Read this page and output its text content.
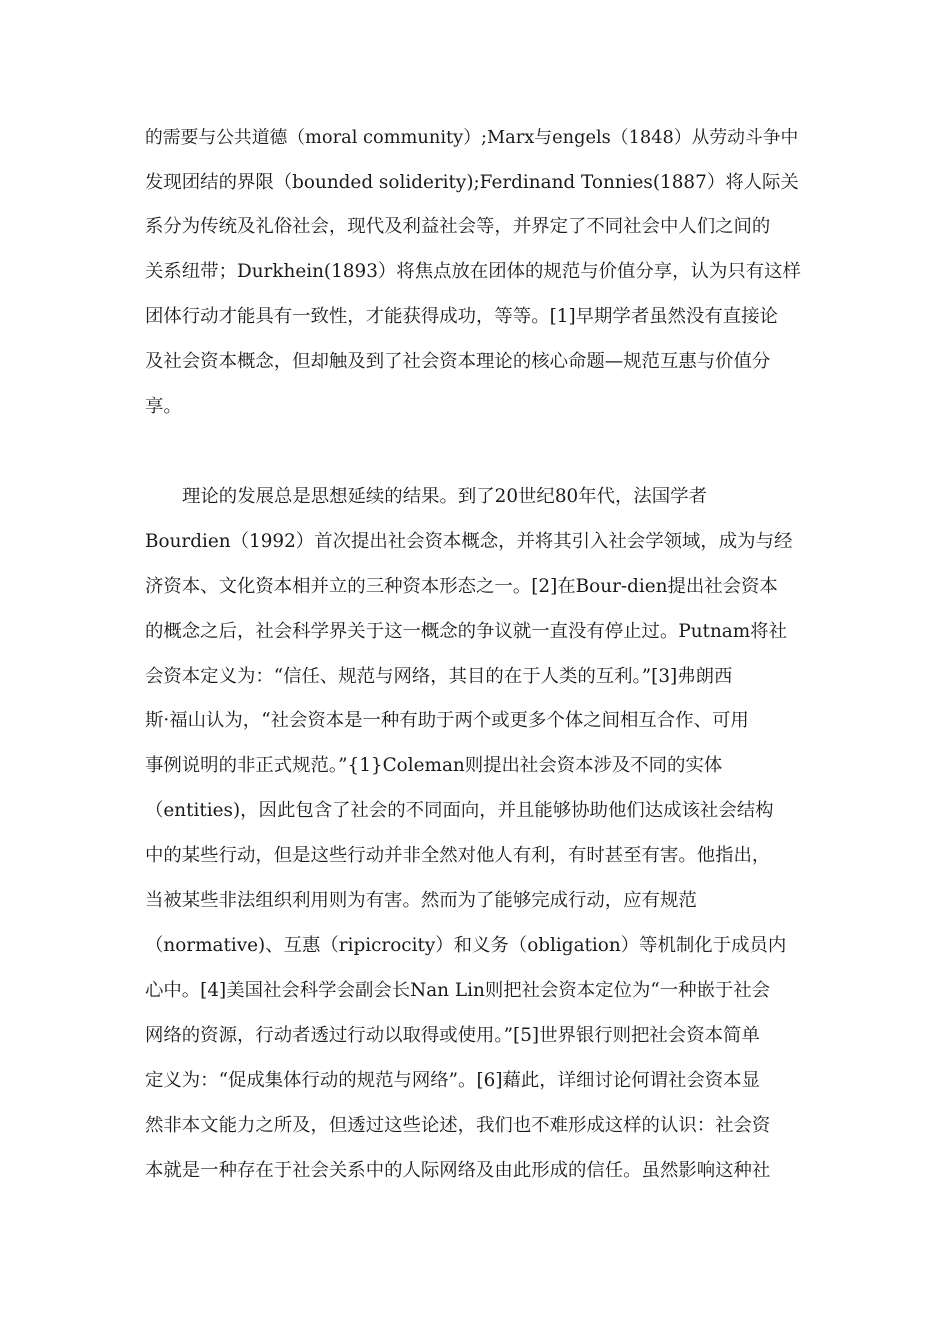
的需要与公共道德（moral community）;Marx与engels（1848）从劳动斗争中
发现团结的界限（bounded soliderity);Ferdinand Tonnies(1887）将人际关
系分为传统及礼俗社会，现代及利益社会等，并界定了不同社会中人们之间的
关系纽带；Durkhein(1893）将焦点放在团体的规范与价值分享，认为只有这样
团体行动才能具有一致性，才能获得成功，等等。[1]早期学者虽然没有直接论
及社会资本概念，但却触及到了社会资本理论的核心命题—规范互惠与价值分
享。
理论的发展总是思想延续的结果。到了20世纪80年代，法国学者
Bourdien（1992）首次提出社会资本概念，并将其引入社会学领域，成为与经
济资本、文化资本相并立的三种资本形态之一。[2]在Bour-dien提出社会资本
的概念之后，社会科学界关于这一概念的争议就一直没有停止过。Putnam将社
会资本定义为：“信任、规范与网络，其目的在于人类的互利。”[3]弗朗西
斯·福山认为，“社会资本是一种有助于两个或更多个体之间相互合作、可用
事例说明的非正式规范。”{1}Coleman则提出社会资本涉及不同的实体
（entities)，因此包含了社会的不同面向，并且能够协助他们达成该社会结构
中的某些行动，但是这些行动并非全然对他人有利，有时甚至有害。他指出，
当被某些非法组织利用则为有害。然而为了能够完成行动，应有规范
（normative)、互惠（ripicrocity）和义务（obligation）等机制化于成员内
心中。[4]美国社会科学会副会长Nan Lin则把社会资本定位为“一种嵌于社会
网络的资源，行动者透过行动以取得或使用。”[5]世界银行则把社会资本简单
定义为：“促成集体行动的规范与网络”。[6]藉此，详细讨论何谓社会资本显
然非本文能力之所及，但透过这些论述，我们也不难形成这样的认识：社会资
本就是一种存在于社会关系中的人际网络及由此形成的信任。虽然影响这种社
